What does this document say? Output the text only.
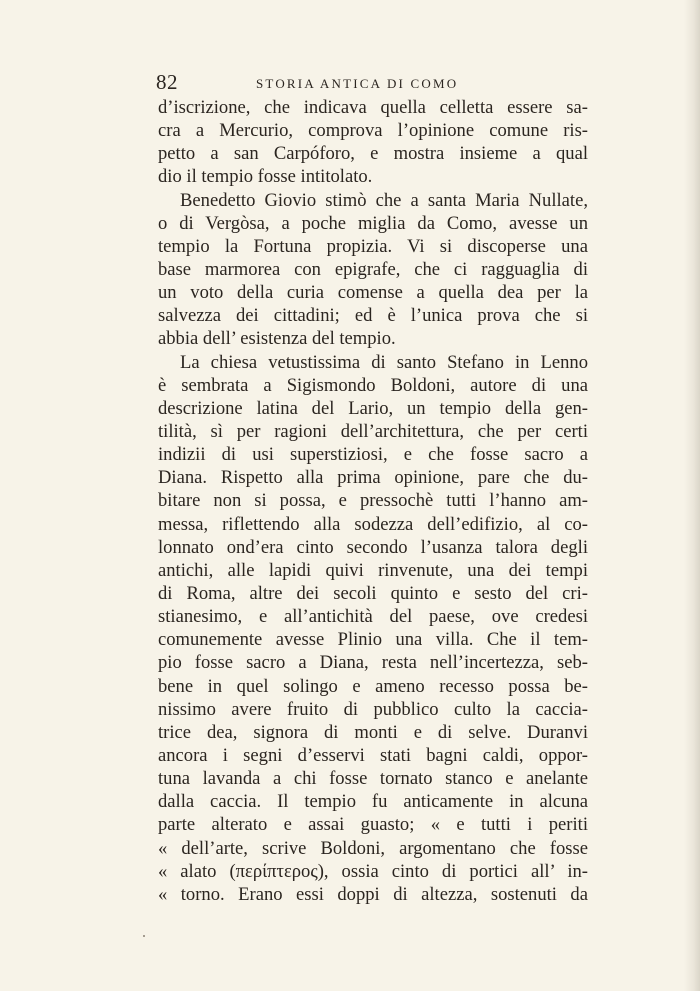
82	STORIA ANTICA DI COMO
d’iscrizione, che indicava quella celletta essere sa-
cra a Mercurio, comprova l’opinione comune ris-
petto a san Carpóforo, e mostra insieme a qual
dio il tempio fosse intitolato.
Benedetto Giovio stimò che a santa Maria Nullate,
o di Vergòsa, a poche miglia da Como, avesse un
tempio la Fortuna propizia. Vi si discoperse una
base marmorea con epigrafe, che ci ragguaglia di
un voto della curia comense a quella dea per la
salvezza dei cittadini; ed è l’unica prova che si
abbia dell’ esistenza del tempio.
La chiesa vetustissima di santo Stefano in Lenno
è sembrata a Sigismondo Boldoni, autore di una
descrizione latina del Lario, un tempio della gen-
tilità, sì per ragioni dell’architettura, che per certi
indizii di usi superstiziosi, e che fosse sacro a
Diana. Rispetto alla prima opinione, pare che du-
bitare non si possa, e pressochè tutti l’hanno am-
messa, riflettendo alla sodezza dell’edifizio, al co-
lonnato ond’era cinto secondo l’usanza talora degli
antichi, alle lapidi quivi rinvenute, una dei tempi
di Roma, altre dei secoli quinto e sesto del cri-
stianesimo, e all’antichità del paese, ove credesi
comunemente avesse Plinio una villa. Che il tem-
pio fosse sacro a Diana, resta nell’incertezza, seb-
bene in quel solingo e ameno recesso possa be-
nissimo avere fruito di pubblico culto la caccia-
trice dea, signora di monti e di selve. Duranvi
ancora i segni d’esservi stati bagni caldi, oppor-
tuna lavanda a chi fosse tornato stanco e anelante
dalla caccia. Il tempio fu anticamente in alcuna
parte alterato e assai guasto; « e tutti i periti
« dell’arte, scrive Boldoni, argomentano che fosse
« alato (περίπτερος), ossia cinto di portici all’ in-
« torno. Erano essi doppi di altezza, sostenuti da
